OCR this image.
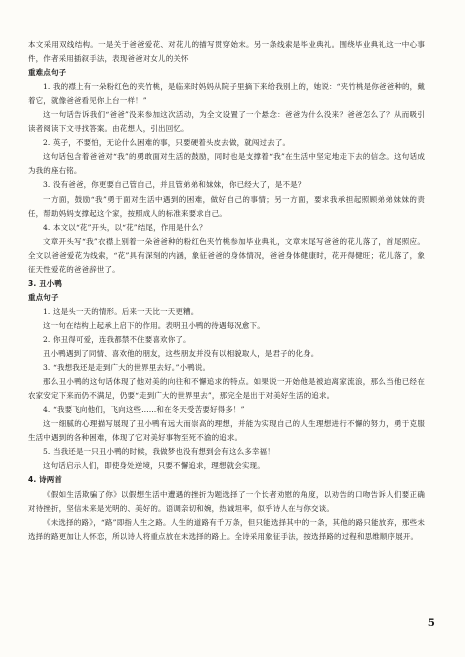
本文采用双线结构。一是关于爸爸爱花、对花儿的描写贯穿始末。另一条线索是毕业典礼。围绕毕业典礼这一中心事件，作者采用插叙手法，表现爸爸对女儿的关怀

重难点句子

1. 我的襟上有一朵粉红色的夹竹桃，是临来时妈妈从院子里摘下来给我别上的，她说：“夹竹桃是你爸爸种的，戴着它，就像爸爸看见你上台一样！”

这一句话告诉我们“爸爸”没来参加这次活动，为全文设置了一个悬念：爸爸为什么没来？爸爸怎么了？从而吸引读者阅读下文寻找答案。由花想人，引出回忆。

2. 英子，不要怕，无论什么困难的事，只要硬着头皮去做，就闯过去了。

这句话包含着爸爸对“我”的勇敢面对生活的鼓励，同时也是支撑着“我”在生活中坚定地走下去的信念。这句话成为我的座右铭。

3. 没有爸爸，你更要自己管自己，并且管弟弟和妹妹，你已经大了，是不是？

一方面，鼓励“我”勇于面对生活中遇到的困难，做好自己的事情；另一方面，要求我承担起照顾弟弟妹妹的责任，帮助妈妈支撑起这个家，按照成人的标准来要求自己。

4. 本文以“花”开头，以“花”结尾，作用是什么？

文章开头写“我”衣襟上别着一朵爸爸种的粉红色夹竹桃参加毕业典礼，文章末尾写爸爸的花儿落了，首尾照应。全文以爸爸爱花为线索，“花”具有深刻的内涵，象征爸爸的身体情况，爸爸身体健康时，花开得健旺；花儿落了，象征天性爱花的爸爸辞世了。

3. 丑小鸭
重点句子

1. 这是头一天的情形。后来一天比一天更糟。

这一句在结构上起承上启下的作用。表明丑小鸭的待遇每况愈下。

2. 你丑得可爱，连我都禁不住要喜欢你了。

丑小鸭遇到了同情、喜欢他的朋友，这些朋友并没有以相貌取人，是君子的化身。

3. “我想我还是走到广大的世界里去好。”小鸭说。

那么丑小鸭的这句话体现了他对美的向往和不懈追求的特点。如果说一开始他是被迫离家流浪，那么当他已经在农家安定下来而仍不满足，仍要“走到广大的世界里去”，那完全是出于对美好生活的追求。

4. “我要飞向他们，飞向这些……和在冬天受苦要好得多！”

这一细腻的心理描写展现了丑小鸭有远大而崇高的理想，并能为实现自己的人生理想进行不懈的努力，勇于克服生活中遇到的各种困难，体现了它对美好事物至死不渝的追求。

5. 当我还是一只丑小鸭的时候，我做梦也没有想到会有这么多幸福！

这句话启示人们，即使身处逆境，只要不懈追求，理想就会实现。

4. 诗两首

《假如生活欺骗了你》以假想生活中遭遇的挫折为题选择了一个长者劝慰的角度，以劝告的口吻告诉人们要正确对待挫折，坚信未来是光明的、美好的。语调亲切和婉，热诚坦率，似乎诗人在与你交谈。

《未选择的路》，“路”即指人生之路。人生的道路有千万条，但只能选择其中的一条，其他的路只能放弃，那些未选择的路更加让人怀恋，所以诗人将重点放在未选择的路上。全诗采用象征手法，按选择路的过程和思维顺序展开。

5
